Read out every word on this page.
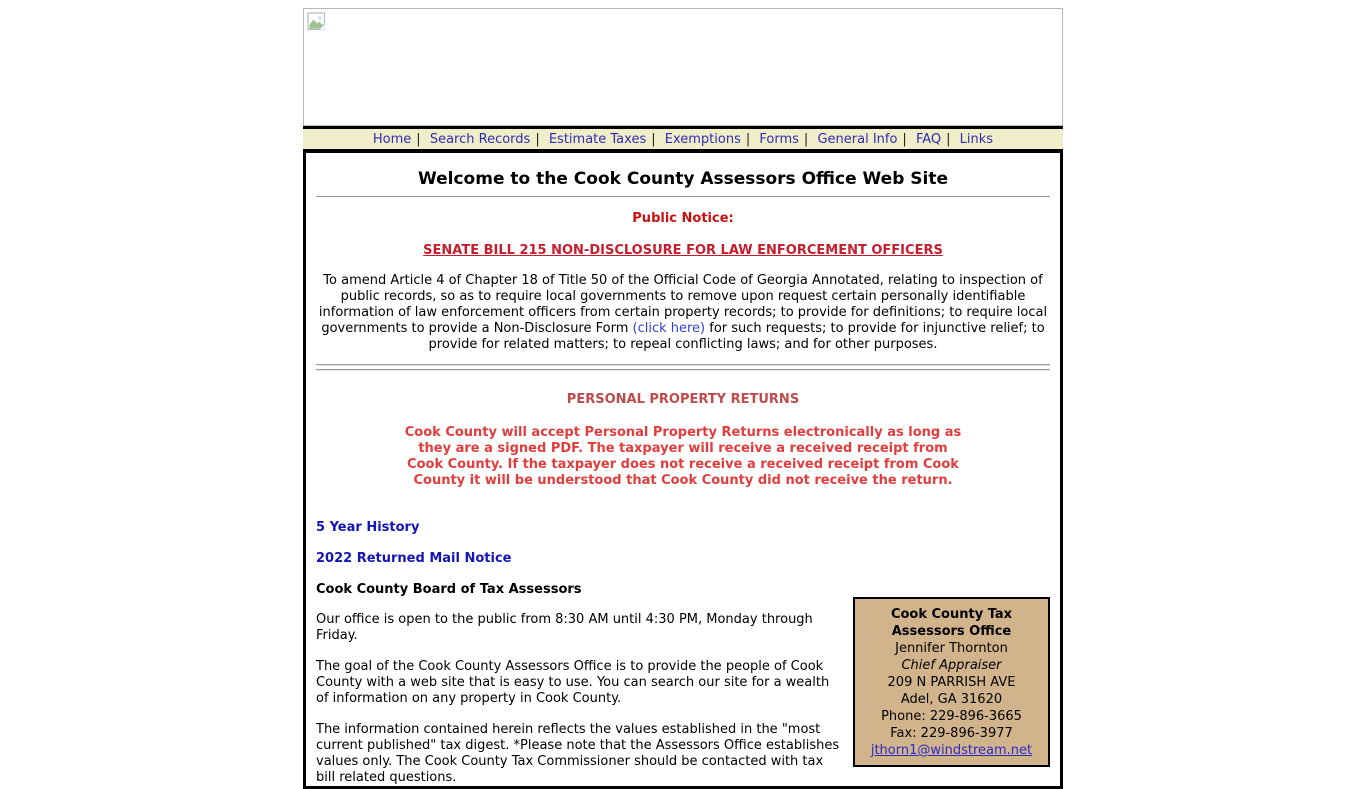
Home | Search Records | Estimate Taxes | Exemptions | Forms | General Info | FAQ | Links
Welcome to the Cook County Assessors Office Web Site
Public Notice:
SENATE BILL 215 NON-DISCLOSURE FOR LAW ENFORCEMENT OFFICERS

To amend Article 4 of Chapter 18 of Title 50 of the Official Code of Georgia Annotated, relating to inspection of public records, so as to require local governments to remove upon request certain personally identifiable information of law enforcement officers from certain property records; to provide for definitions; to require local governments to provide a Non-Disclosure Form (click here) for such requests; to provide for injunctive relief; to provide for related matters; to repeal conflicting laws; and for other purposes.

PERSONAL PROPERTY RETURNS
Cook County will accept Personal Property Returns electronically as long as
they are a signed PDF. The taxpayer will receive a received receipt from
Cook County. If the taxpayer does not receive a received receipt from Cook
County it will be understood that Cook County did not receive the return.

5 Year History

2022 Returned Mail Notice

Cook County Board of Tax Assessors

Cook County Tax
Assessors Office
Jennifer Thornton
Chief Appraiser
209 N PARRISH AVE
Adel, GA 31620
Phone: 229-896-3665
Fax: 229-896-3977
jthorn1@windstream.net

Our office is open to the public from 8:30 AM until 4:30 PM, Monday through Friday.

The goal of the Cook County Assessors Office is to provide the people of Cook County with a web site that is easy to use. You can search our site for a wealth of information on any property in Cook County.

The information contained herein reflects the values established in the "most current published" tax digest. *Please note that the Assessors Office establishes values only. The Cook County Tax Commissioner should be contacted with tax bill related questions.
